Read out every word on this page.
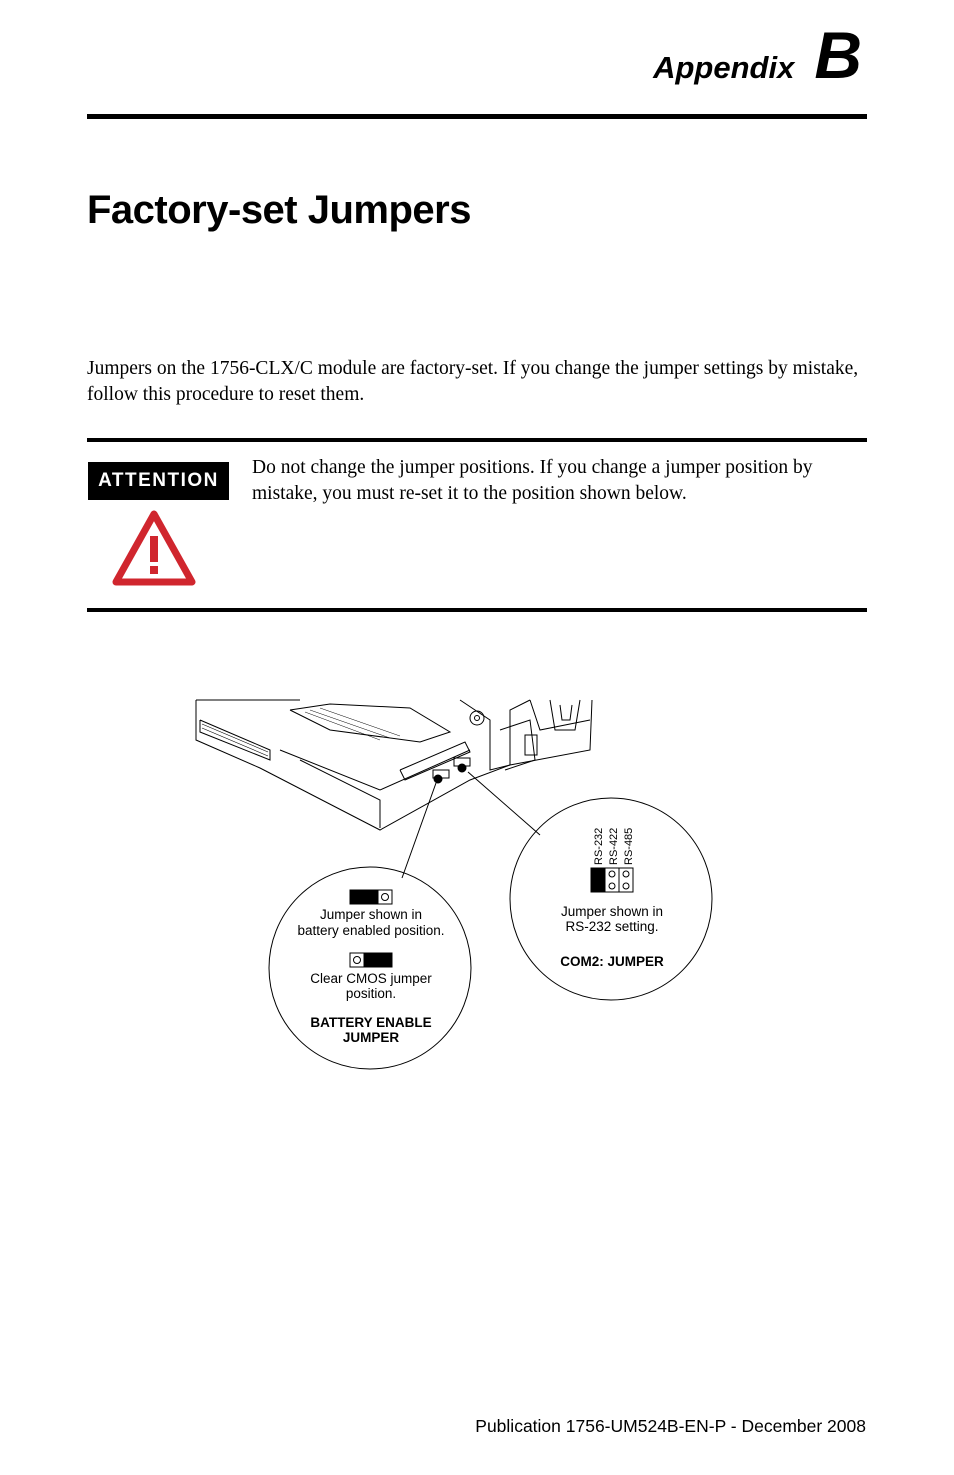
Appendix B
Factory-set Jumpers

Jumpers on the 1756-CLX/C module are factory-set. If you change the jumper settings by mistake, follow this procedure to reset them.

ATTENTION

Do not change the jumper positions. If you change a jumper position by mistake, you must re-set it to the position shown below.

Jumper shown in
battery enabled position.
Clear CMOS jumper
position.
BATTERY ENABLE
JUMPER
RS-232 RS-422 RS-485
Jumper shown in
RS-232 setting.
COM2: JUMPER
Publication 1756-UM524B-EN-P - December 2008
